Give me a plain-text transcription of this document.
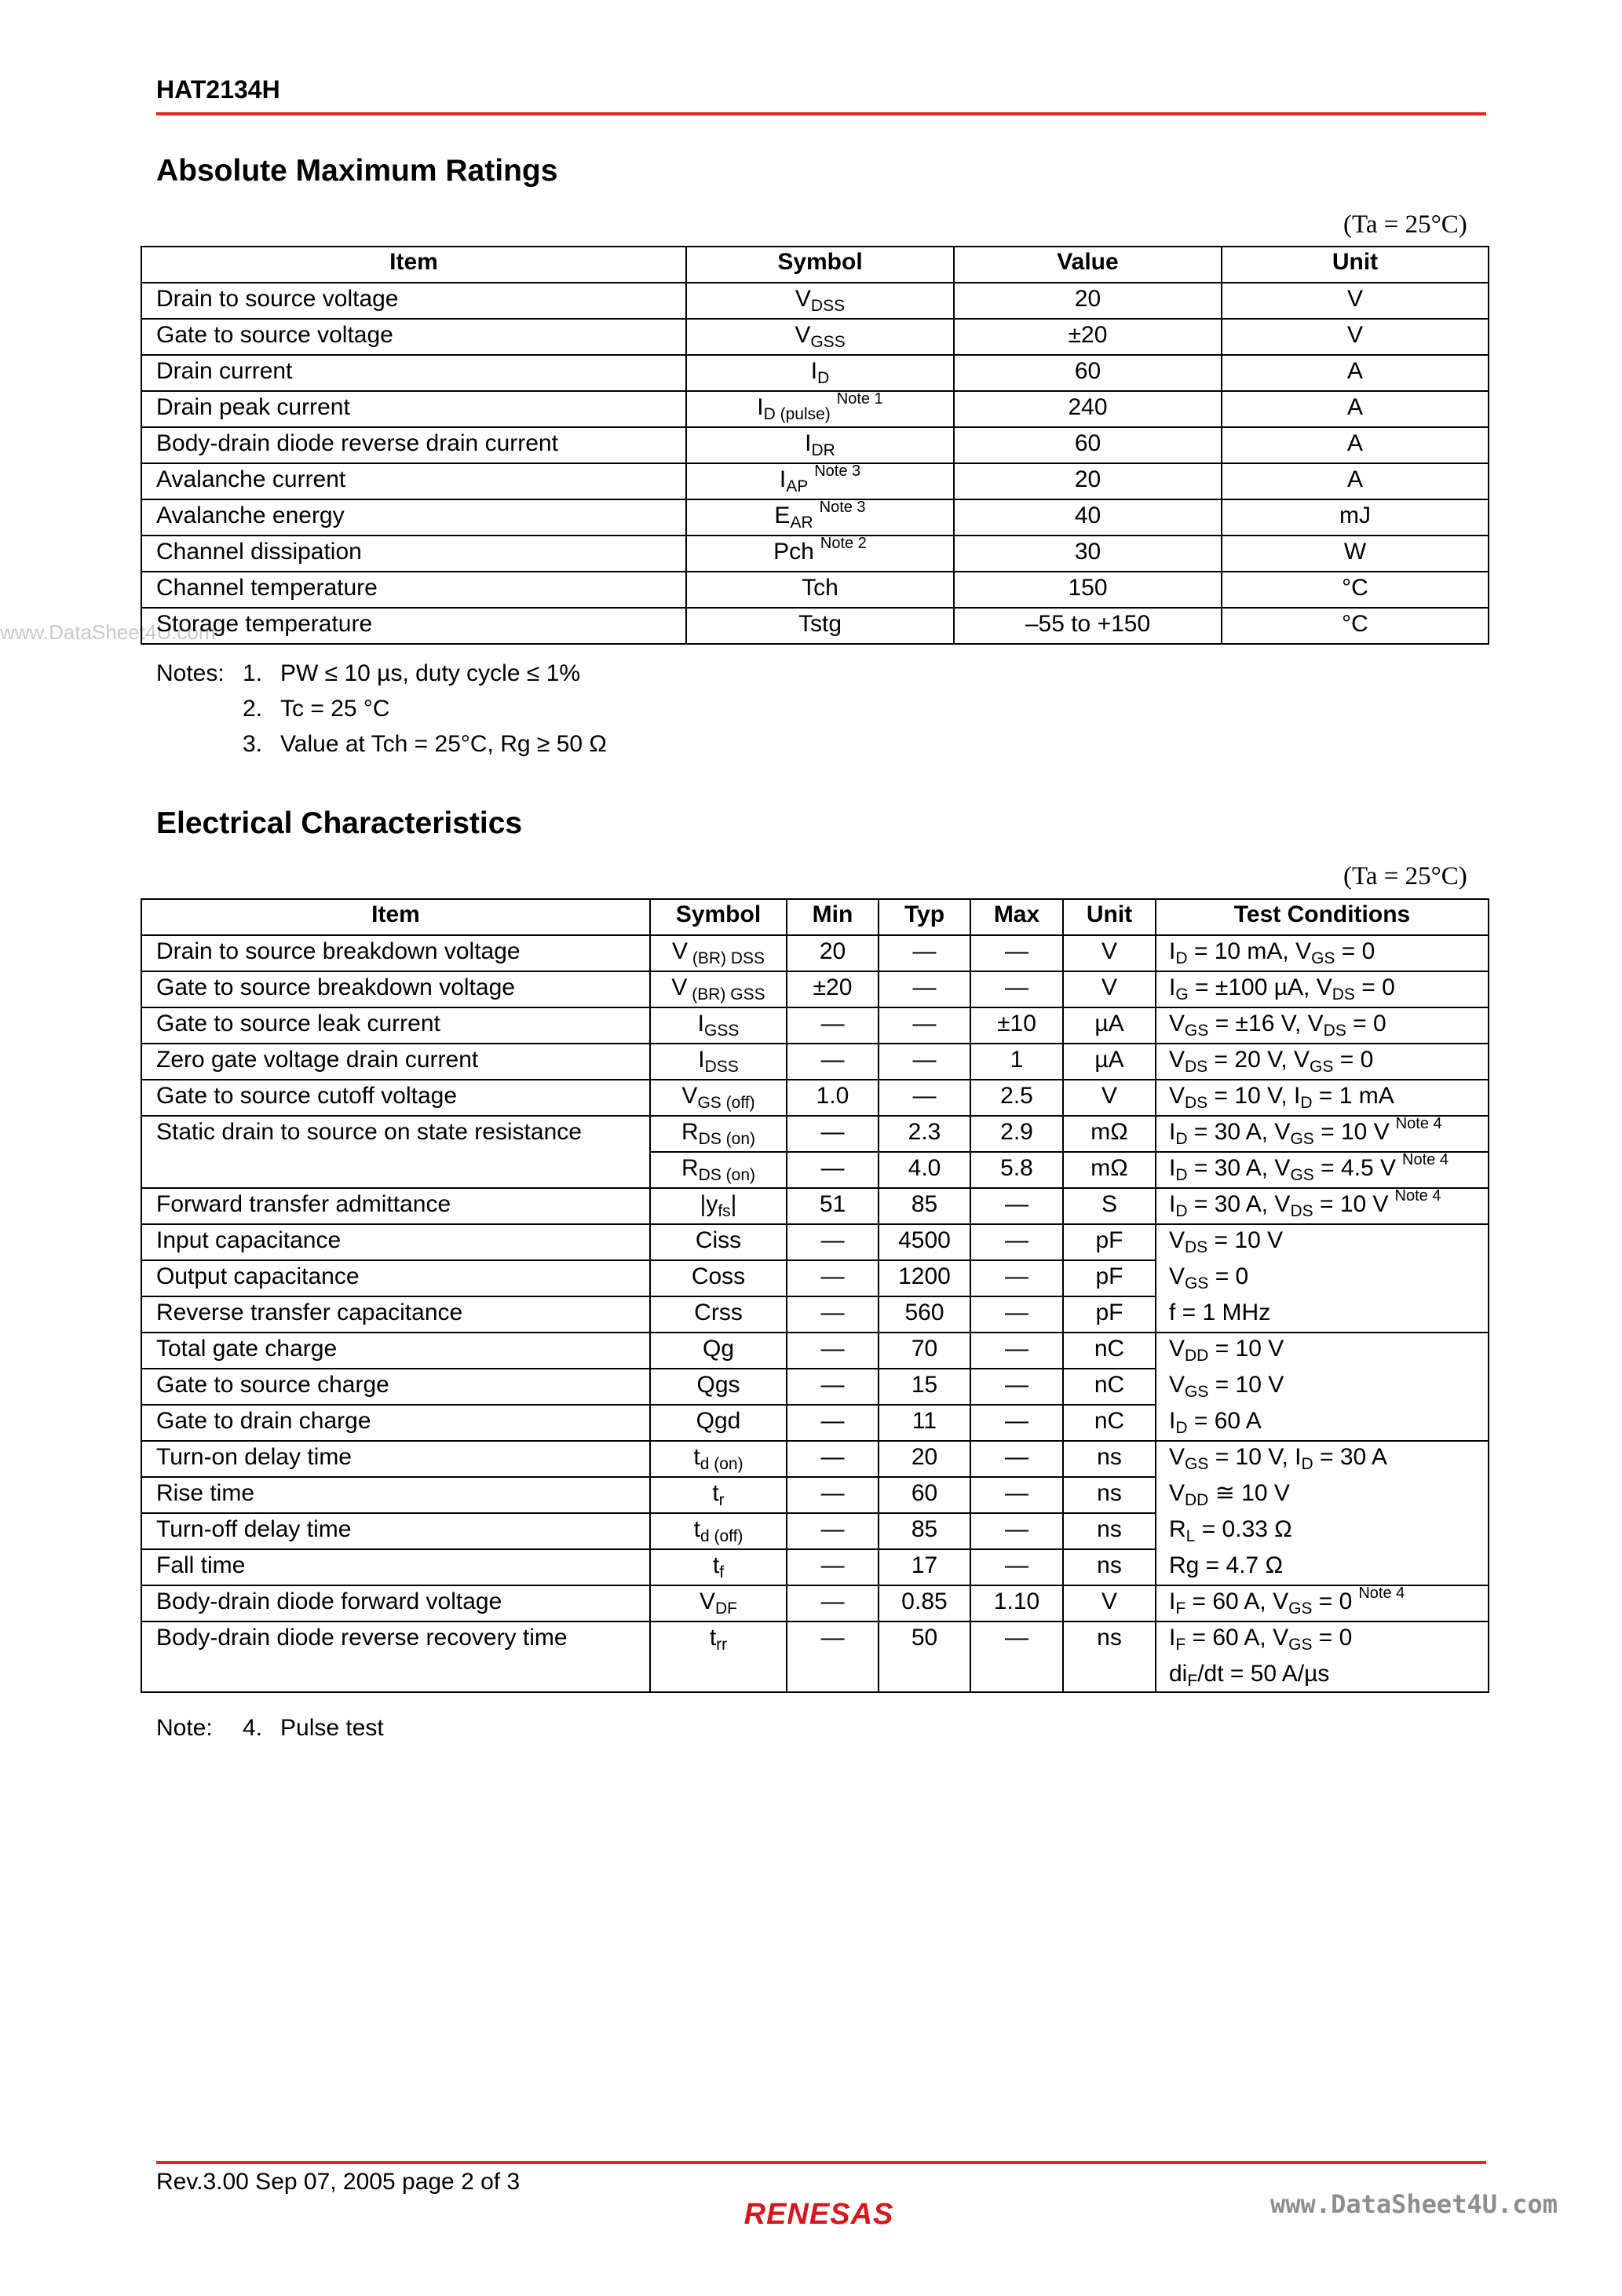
HAT2134H
www.DataSheet4U.com
Absolute Maximum Ratings
(Ta = 25°C)
Item	Symbol	Value	Unit
Drain to source voltage	$V_{DSS}$	20	V
Gate to source voltage	$V_{GSS}$	±20	V
Drain current	$I_D$	60	A
Drain peak current	$I_{D (pulse)}^{Note 1}$	240	A
Body-drain diode reverse drain current	$I_{DR}$	60	A
Avalanche current	$I_{AP}^{Note 3}$	20	A
Avalanche energy	$E_{AR}^{Note 3}$	40	mJ
Channel dissipation	Pch $^{Note 2}$	30	W
Channel temperature	Tch	150	°C
Storage temperature	Tstg	–55 to +150	°C
Notes: 1. PW ≤ 10 µs, duty cycle ≤ 1%
2. Tc = 25 °C
3. Value at Tch = 25°C, Rg ≥ 50 Ω
Electrical Characteristics
(Ta = 25°C)
Item	Symbol	Min	Typ	Max	Unit	Test Conditions
Drain to source breakdown voltage	V $_{(BR) DSS}$	20	—	—	V	$I_D = 10$ mA, $V_{GS} = 0$
Gate to source breakdown voltage	V $_{(BR) GSS}$	±20	—	—	V	$I_G = \pm 100$ µA, $V_{DS} = 0$
Gate to source leak current	$I_{GSS}$	—	—	±10	µA	$V_{GS} = \pm 16$ V, $V_{DS} = 0$
Zero gate voltage drain current	$I_{DSS}$	—	—	1	µA	$V_{DS} = 20$ V, $V_{GS} = 0$
Gate to source cutoff voltage	$V_{GS (off)}$	1.0	—	2.5	V	$V_{DS} = 10$ V, $I_D = 1$ mA
Static drain to source on state resistance	$R_{DS (on)}$	—	2.3	2.9	mΩ	$I_D = 30$ A, $V_{GS} = 10$ V $^{Note 4}$
	$R_{DS (on)}$	—	4.0	5.8	mΩ	$I_D = 30$ A, $V_{GS} = 4.5$ V $^{Note 4}$
Forward transfer admittance	$|y_{fs}|$	51	85	—	S	$I_D = 30$ A, $V_{DS} = 10$ V $^{Note 4}$
Input capacitance	Ciss	—	4500	—	pF	$V_{DS} = 10$ V
$V_{GS} = 0$
f = 1 MHz

Output capacitance	Coss	—	1200	—	pF	
Reverse transfer capacitance	Crss	—	560	—	pF	
Total gate charge	Qg	—	70	—	nC	$V_{DD} = 10$ V
$V_{GS} = 10$ V
$I_D = 60$ A

Gate to source charge	Qgs	—	15	—	nC	
Gate to drain charge	Qgd	—	11	—	nC	
Turn-on delay time	$t_{d (on)}$	—	20	—	ns	$V_{GS} = 10$ V, $I_D = 30$ A
$V_{DD}$ ≅ 10 V
$R_L = 0.33$ Ω
Rg = 4.7 Ω

Rise time	$t_r$	—	60	—	ns	
Turn-off delay time	$t_{d (off)}$	—	85	—	ns	
Fall time	$t_f$	—	17	—	ns	
Body-drain diode forward voltage	$V_{DF}$	—	0.85	1.10	V	$I_F = 60$ A, $V_{GS} = 0$ $^{Note 4}$
Body-drain diode reverse recovery time	$t_{rr}$	—	50	—	ns	$I_F = 60$ A, $V_{GS} = 0$
$di_F/dt = 50$ A/µs
Note: 4. Pulse test
Rev.3.00 Sep 07, 2005 page 2 of 3
RENESAS	www.DataSheet4U.com
